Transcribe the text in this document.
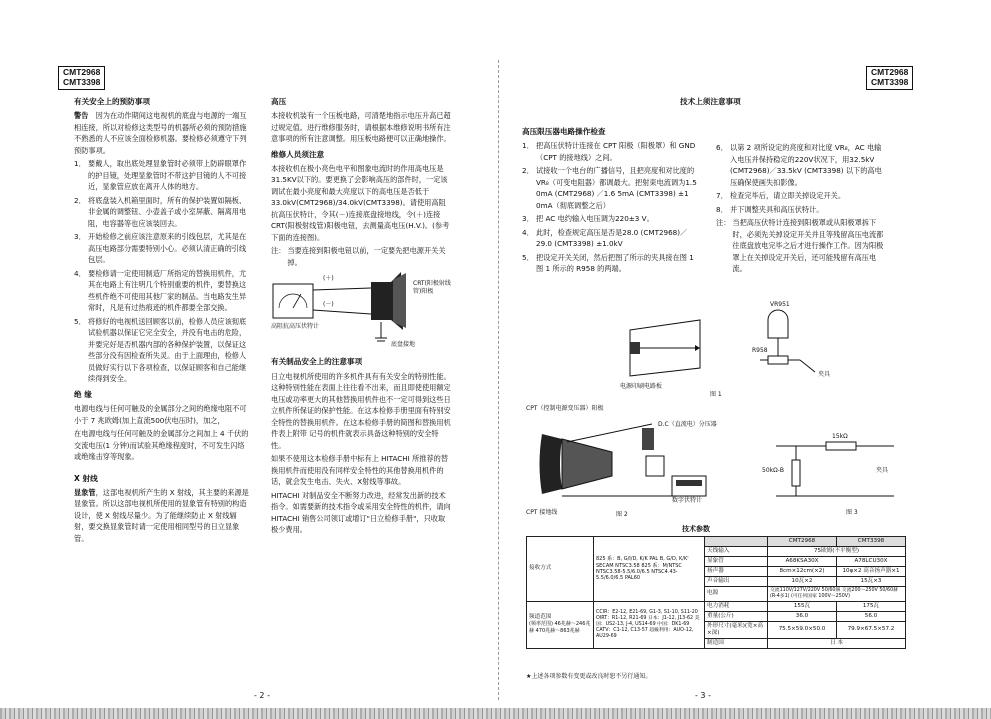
CMT2968
CMT3398
有关安全上的预防事项

警告　 因为在动作期间这电视机的底盘与电源的一端互相连接，所以对检修这类型号的机器所必须的预防措施不熟悉的人不应该全面检修机器。要检修必须遵守下列预防事项。

1． 要戴人，取出底处理显象管时必须带上防辟眼罩作的护目镜，处理显象管时不带这护目镜的人不可接近，显象管应放在离开人体的地方。
2． 将底盘装入机箱里面时，所有的保护装置如隔板、非金属的调整钮、小壶盖子或小室屏蔽、隔离用电阻，电容器等也应该装回去。
3． 开始检修之前应该注意原来的引线包层，尤其是在高压电路部分需要特别小心。必须认清正确的引线包层。
4． 要检修请一定使用制造厂所指定的替换用机件，尤其在电路上有注明几个特别重要的机件，要替换这些机件绝不可使用其他厂家的制品。当电路发生异常时，凡是有过热痕迹的机件都要全部交换。
5． 将修好的电视机送回顾客以前，检修人员应该彻底试验机器以保证它完全安全，并没有电击的危险，并要完好是否机器内部的各种保护装置，以保证这些部分没有因检查所失灵。由于上面理由，检修人员做好实行以下各项检查，以保证顾客和自己能继续得到安全。
绝 缘

电源电线与任何可触及的金属部分之间的绝缘电阻不可小于 7 兆欧姆(加上直流500伏电压时)，加之，

在电源电线与任何可触及的金属部分之间加上 4 千伏的交流电压(1 分钟)而试验其绝缘程度时，不可发生闪络或绝缘击穿等现象。

X 射线

显象管，这部电视机所产生的 X 射线，其主要的来源是显象管。所以这部电视机所使用的显象管有特别的构造设计，使 X 射线尽量少。为了能继续防止 X 射线辐射，要交换显象管时请一定使用相同型号的日立显象管。

高压

本接收机装有一个压板电路，可清楚地指示电压升高已超过规定值。进行维修服务时，请根据本维修说明书所有注意事项的所有注意调整。用压板电路便可以正确地操作。

维修人员须注意

本接收机在极小亮色电平和图象电流时的作用高电压是31.5KV以下的。要更换了会影响高压的部件时，一定该调试在最小亮度和最大亮度以下的高电压是否低于33.0kV(CMT2968)/34.0kV(CMT3398)。请使用高阻抗高压伏特计，令其(－)连接底盘接地线，令(＋)连接 CRT(阳极射线管)阳极电钮，去测量高电压(H.V.)。(参考下面的连接图)。

注： 当要连接到阳极电钮以前，一定要先把电源开关关掉。
(＋)
(－)
CRT(阳极射线管)阳极
高阻抗高压伏特计
底盘接地
有关制品安全上的注意事项

日立电视机所使用的许多机件具有有关安全的特别性能。这种特别性能在表面上往往看不出来，而且即使使用额定电压或功率更大的其他替换用机件也不一定可得到这些日立机件所保证的保护性能。在这本检修手册里面有特别安全特性的替换用机件。在这本检修手册的简图和替换用机件表上附带 记号的机件就表示具备这种特别的安全特性。

如果不使用这本检修手册中标有上 HITACHI 所推荐的替换用机件而使用没有同样安全特性的其他替换用机件的话，就会发生电击、失火、X射线等事故。

HITACHI 对制品安全不断努力改进，经常发出新的技术指令。如需要新的技术指令或采用安全特性的机件，请向 HITACHI 销售公司领订或增订"日立检修手册"，只收取极少费用。

- 2 -
CMT2968
CMT3398
技术上须注意事项
高压限压器电路操作检查
1． 把高压伏特计连接在 CPT 阳极（阳极罩）和 GND（CPT 的接地线）之间。
2． 试接收一个电台的广播信号，且把亮度和对比度的 VR₈（可变电阻器）都调最大。把射束电流调为1.5 0mA (CMT2968) ／1.6 5mA (CMT3398) ±1 0mA（彻底调整之后）
3． 把 AC 电约输入电压调为220±3 V。
4． 此时，检查规定高压是否是28.0 (CMT2968)／29.0 (CMT3398) ±1.0kV
5． 把设定开关关闭，然后把图了所示的夹具接在图 1 图 1 所示的 R958 的两端。
6． 以第 2 项所设定的亮度和对比度 VR₈，AC 电输入电压并保持稳定的220V状况下，用32.5kV (CMT2968)／33.5kV (CMT3398) 以下的高电压确保使画失扣影像。
7． 检查完毕后，请立即关掉设定开关。
8． 并下调整夹具和高压伏特计。
注： 当把高压伏特计连接到阳极罩或从阳极罩拆下时，必须先关掉设定开关并且等残留高压电流都往底盘放电完毕之后才进行操作工作。因为阳极罩上在关掉设定开关后，还可能残留有高压电流。
电源印刷电路板
图 1
VR951
R958
夹具
CPT（控制电源变压器）阳极
D.C（直流电）分压器
数字伏特计
CPT 接地线	图 2
15kΩ
50kΩ-B	夹具
图 3
技术参数
接收方式	825 系：B, G/I/D, K/K PAL B, G/D, K/K' SECAM NTSC3.58 825 系：M/NTSC NTSC3.58-5.5/6.0/6.5 NTSC4.43-5.5/6.0/6.5 PAL60		CMT2968	CMT3398
		天线输入	75欧姆(不平衡型)	
		显象管	A68KSA30X	A78LCU30X
		扬声器	8cm×12cm(×2)	10φ×2 高音扬声器×1
		声音输出	10瓦×2	15瓦×3
		电源	交流110V/127V/220V 50/60赫 交流200～250V 50/60赫 (R-4多1) (可任何国家 100V～250V)	
频道范围
(频率范围) 46兆赫～246兆赫 470兆赫～863兆赫	CCIR：E2-12, E21-69, G1-3, S1-10, S11-20 OIRT：R1-12, R21-69 日本：J1-12, J13-62 美国：US2-13, J-4, US14-69 中国：DK1-69 CATV：C1-12, C13-57 超級利用：AUO-12, AU29-69	电力消耗	155瓦	175瓦
		重量(公斤)	36.0	56.0
		外形尺寸(毫米)(宽×高×深)	75.5×59.0×50.0	79.9×67.5×57.2
		制造国	日 本	
★上述各项参数有变更或改良时恕不另行通知。
- 3 -
